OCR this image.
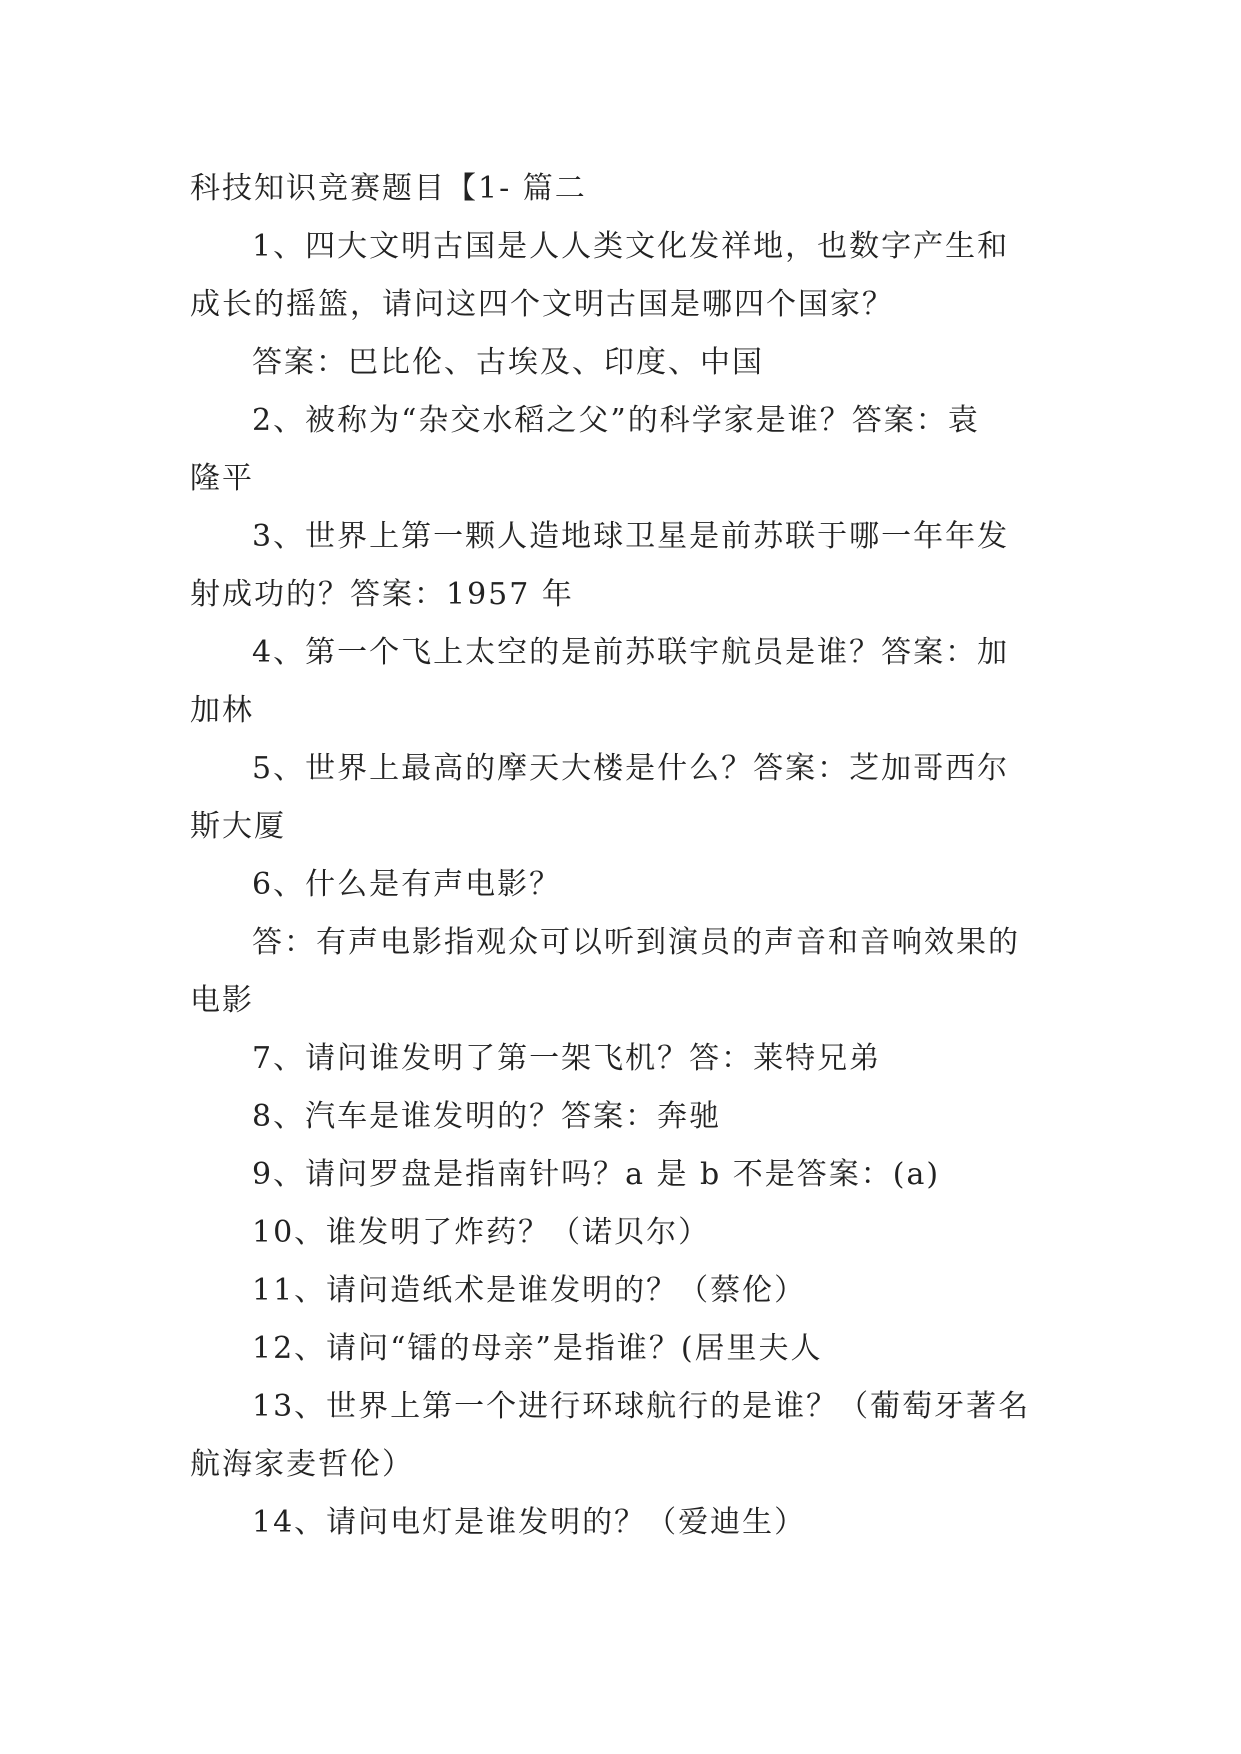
科技知识竞赛题目【1- 篇二
1、四大文明古国是人人类文化发祥地，也数字产生和
成长的摇篮，请问这四个文明古国是哪四个国家？
答案：巴比伦、古埃及、印度、中国
2、被称为“杂交水稻之父”的科学家是谁？答案：袁
隆平
3、世界上第一颗人造地球卫星是前苏联于哪一年年发
射成功的？答案：1957 年
4、第一个飞上太空的是前苏联宇航员是谁？答案：加
加林
5、世界上最高的摩天大楼是什么？答案：芝加哥西尔
斯大厦
6、什么是有声电影？
答：有声电影指观众可以听到演员的声音和音响效果的
电影
7、请问谁发明了第一架飞机？答：莱特兄弟
8、汽车是谁发明的？答案：奔驰
9、请问罗盘是指南针吗？a 是 b 不是答案：(a)
10、谁发明了炸药？（诺贝尔）
11、请问造纸术是谁发明的？（蔡伦）
12、请问“镭的母亲”是指谁？(居里夫人
13、世界上第一个进行环球航行的是谁？（葡萄牙著名
航海家麦哲伦）
14、请问电灯是谁发明的？（爱迪生）
